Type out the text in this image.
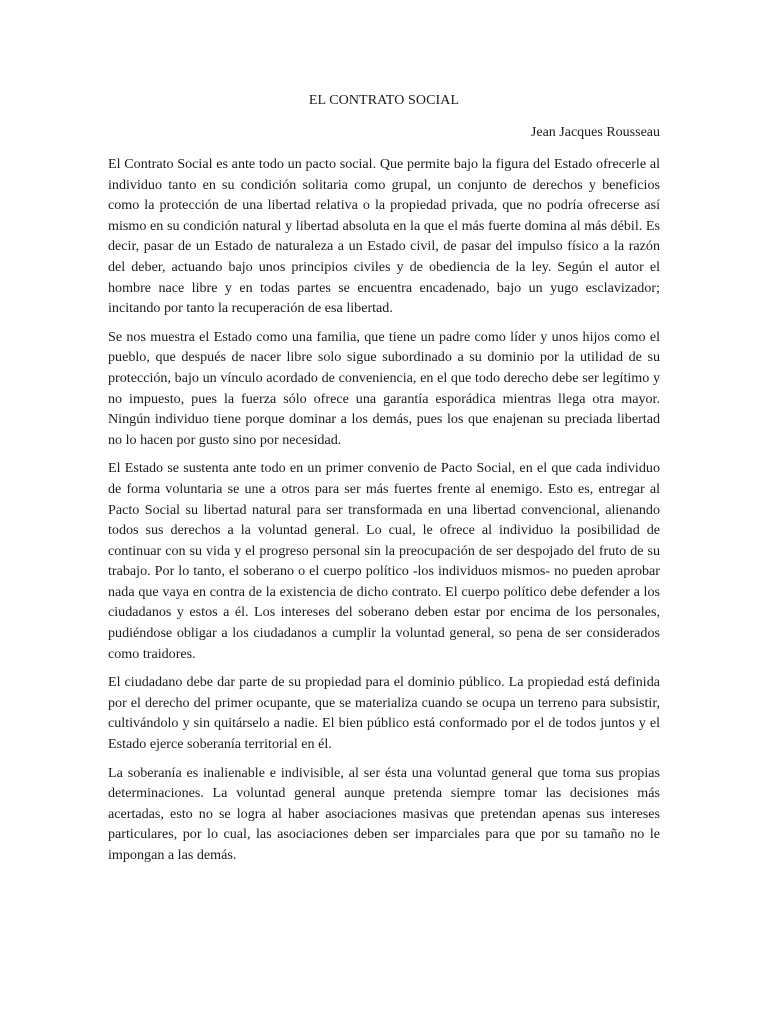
EL CONTRATO SOCIAL
Jean Jacques Rousseau

El Contrato Social es ante todo un pacto social. Que permite bajo la figura del Estado ofrecerle al individuo tanto en su condición solitaria como grupal, un conjunto de derechos y beneficios como la protección de una libertad relativa o la propiedad privada, que no podría ofrecerse así mismo en su condición natural y libertad absoluta en la que el más fuerte domina al más débil. Es decir, pasar de un Estado de naturaleza a un Estado civil, de pasar del impulso físico a la razón del deber, actuando bajo unos principios civiles y de obediencia de la ley. Según el autor el hombre nace libre y en todas partes se encuentra encadenado, bajo un yugo esclavizador; incitando por tanto la recuperación de esa libertad.

Se nos muestra el Estado como una familia, que tiene un padre como líder y unos hijos como el pueblo, que después de nacer libre solo sigue subordinado a su dominio por la utilidad de su protección, bajo un vínculo acordado de conveniencia, en el que todo derecho debe ser legítimo y no impuesto, pues la fuerza sólo ofrece una garantía esporádica mientras llega otra mayor. Ningún individuo tiene porque dominar a los demás, pues los que enajenan su preciada libertad no lo hacen por gusto sino por necesidad.

El Estado se sustenta ante todo en un primer convenio de Pacto Social, en el que cada individuo de forma voluntaria se une a otros para ser más fuertes frente al enemigo. Esto es, entregar al Pacto Social su libertad natural para ser transformada en una libertad convencional, alienando todos sus derechos a la voluntad general. Lo cual, le ofrece al individuo la posibilidad de continuar con su vida y el progreso personal sin la preocupación de ser despojado del fruto de su trabajo. Por lo tanto, el soberano o el cuerpo político -los individuos mismos- no pueden aprobar nada que vaya en contra de la existencia de dicho contrato. El cuerpo político debe defender a los ciudadanos y estos a él. Los intereses del soberano deben estar por encima de los personales, pudiéndose obligar a los ciudadanos a cumplir la voluntad general, so pena de ser considerados como traidores.

El ciudadano debe dar parte de su propiedad para el dominio público. La propiedad está definida por el derecho del primer ocupante, que se materializa cuando se ocupa un terreno para subsistir, cultivándolo y sin quitárselo a nadie. El bien público está conformado por el de todos juntos y el Estado ejerce soberanía territorial en él.

La soberanía es inalienable e indivisible, al ser ésta una voluntad general que toma sus propias determinaciones. La voluntad general aunque pretenda siempre tomar las decisiones más acertadas, esto no se logra al haber asociaciones masivas que pretendan apenas sus intereses particulares, por lo cual, las asociaciones deben ser imparciales para que por su tamaño no le impongan a las demás.
